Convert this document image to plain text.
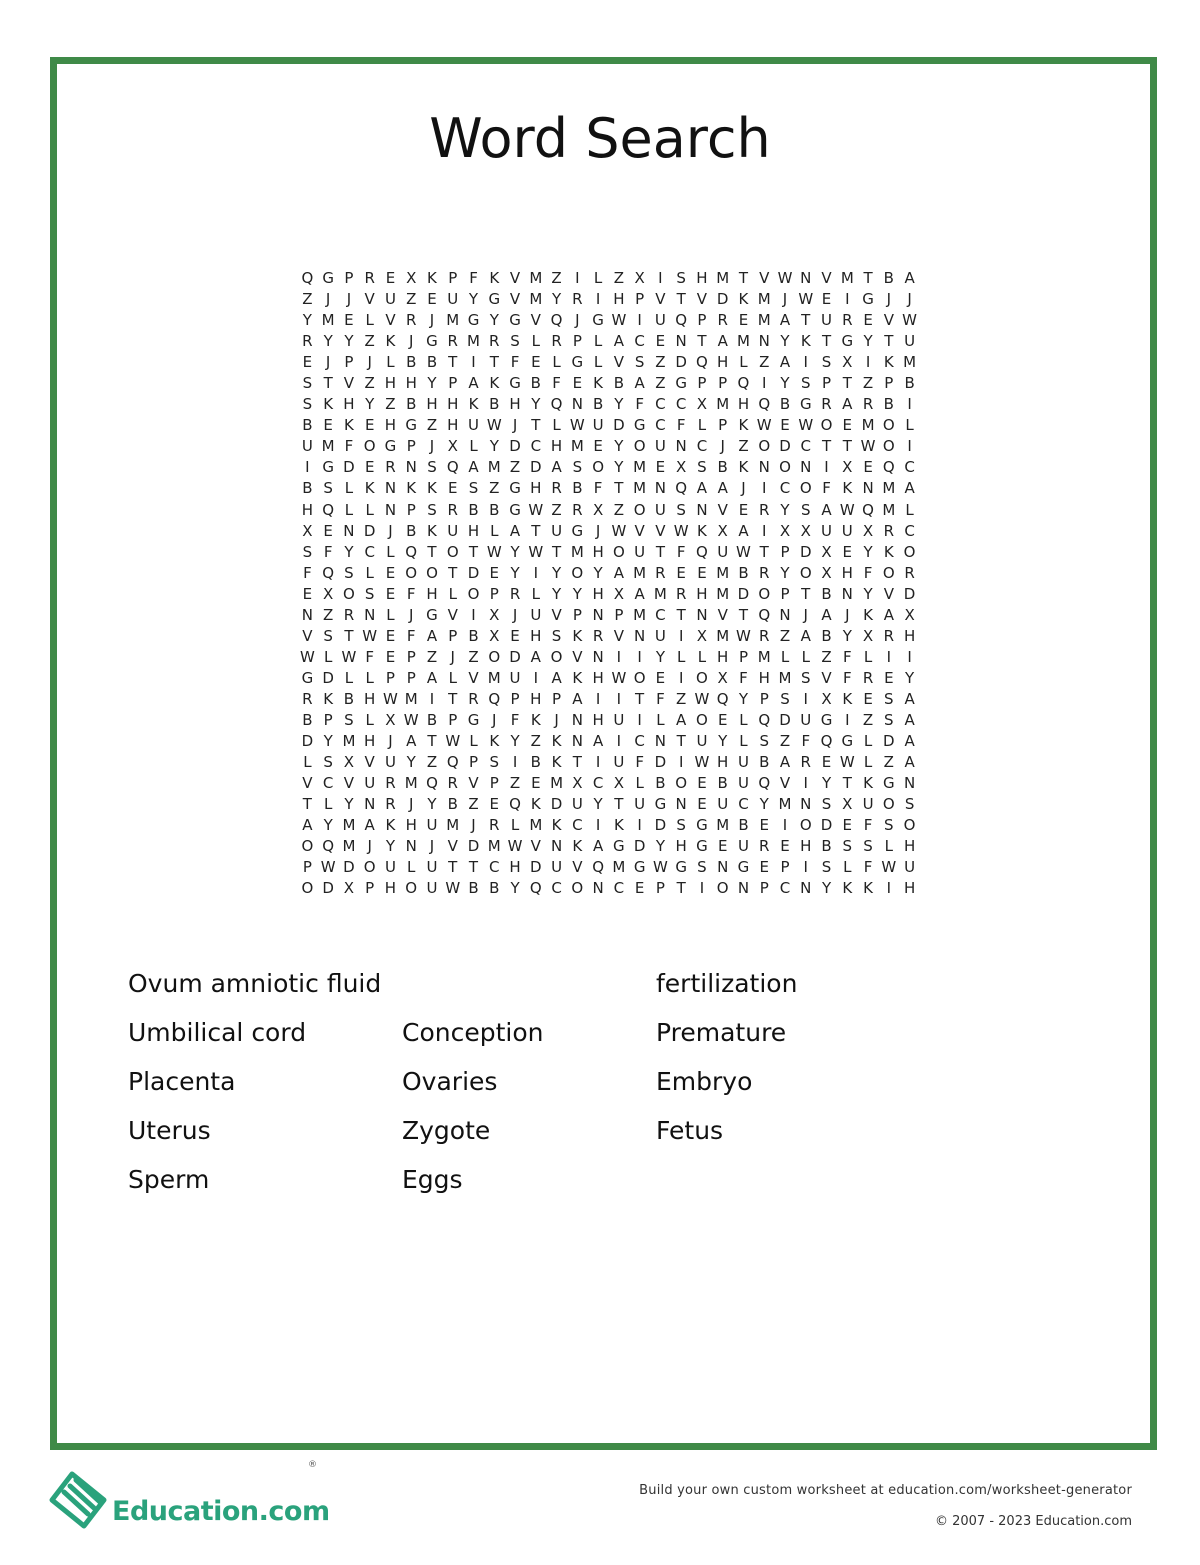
Word Search
Q G P R E X K P F K V M Z I L Z X I S H M T V W N V M T B A
Z J	J V U Z E U Y G V M Y R I H P V T V D K M J W E I G J	J
Y M E L V R J M G Y G V Q J G W I U Q P R E M A T U R E V W
R Y Y Z K J G R M R S L R P L A C E N T A M N Y K T G Y T U
E J P J L B B T I T F E L G L V S Z D Q H L Z A I S X I K M
S T V Z H H Y P A K G B F E K B A Z G P P Q I Y S P T Z P B
S K H Y Z B H H K B H Y Q N B Y F C C X M H Q B G R A R B I
B E K E H G Z H U W J T L W U D G C F L P K W E W O E M O L
U M F O G P J X L Y D C H M E Y O U N C J Z O D C T T W O I
I G D E R N S Q A M Z D A S O Y M E X S B K N O N I X E Q C
B S L K N K K E S Z G H R B F T M N Q A A J	I C O F K N M A
H Q L L N P S R B B G W Z R X Z O U S N V E R Y S A W Q M L
X E N D J B K U H L A T U G J W V V W K X A I X X U U X R C
S F Y C L Q T O T W Y W T M H O U T F Q U W T P D X E Y K O
F Q S L E O O T D E Y I Y O Y A M R E E M B R Y O X H F O R
E X O S E F H L O P R L Y Y H X A M R H M D O P T B N Y V D
N Z R N L J G V I X J U V P N P M C T N V T Q N J A J K A X
V S T W E F A P B X E H S K R V N U I X M W R Z A B Y X R H
W L W F E P Z J Z O D A O V N I	I Y L L H P M L L Z F L I	I
G D L L P P A L V M U I A K H W O E I O X F H M S V F R E Y
R K B H W M I T R Q P H P A I	I T F Z W Q Y P S I X K E S A
B P S L X W B P G J F K J N H U I L A O E L Q D U G I Z S A
D Y M H J A T W L K Y Z K N A I C N T U Y L S Z F Q G L D A
L S X V U Y Z Q P S I B K T I U F D I W H U B A R E W L Z A
V C V U R M Q R V P Z E M X C X L B O E B U Q V I Y T K G N
T L Y N R J Y B Z E Q K D U Y T U G N E U C Y M N S X U O S
A Y M A K H U M J R L M K C I K I D S G M B E I O D E F S O
O Q M J Y N J V D M W V N K A G D Y H G E U R E H B S S L H
P W D O U L U T T C H D U V Q M G W G S N G E P I S L F W U
O D X P H O U W B B Y Q C O N C E P T I O N P C N Y K K I H
Ovum amniotic fluid
Umbilical cord
Placenta
Uterus
Sperm
Conception
Ovaries
Zygote
Eggs
fertilization
Premature
Embryo
Fetus
Education.com
®
Build your own custom worksheet at education.com/worksheet-generator
© 2007 - 2023 Education.com
